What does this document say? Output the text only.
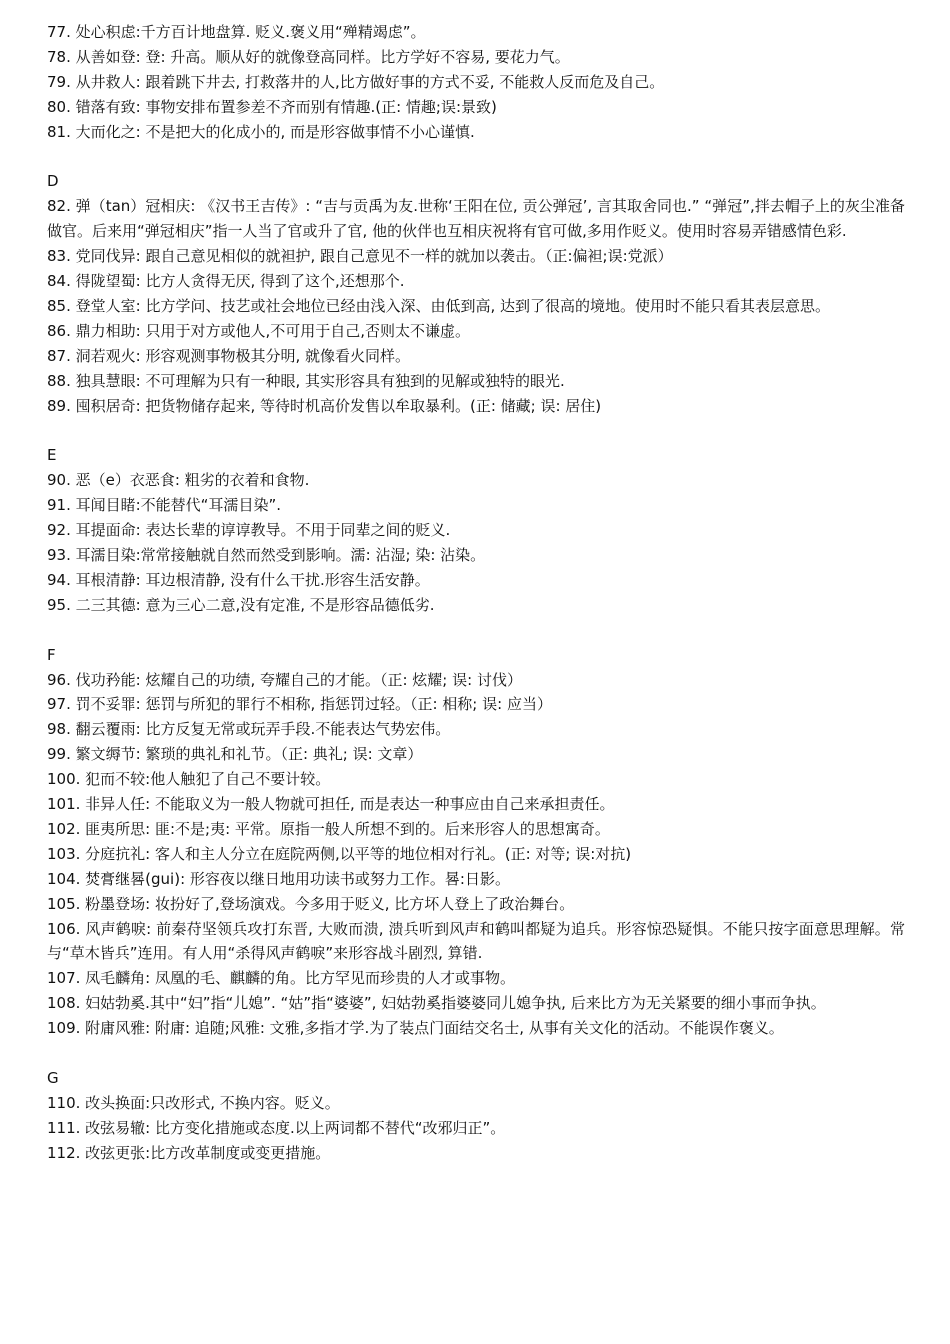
77. 处心积虑:千方百计地盘算. 贬义.褒义用“殚精竭虑”。
78. 从善如登: 登: 升高。顺从好的就像登高同样。比方学好不容易, 要花力气。
79. 从井救人: 跟着跳下井去, 打救落井的人,比方做好事的方式不妥, 不能救人反而危及自己。
80. 错落有致: 事物安排布置参差不齐而别有情趣.(正: 情趣;误:景致)
81. 大而化之: 不是把大的化成小的, 而是形容做事情不小心谨慎.
D
82. 弹（tan）冠相庆: 《汉书王吉传》: “吉与贡禹为友.世称‘王阳在位, 贡公弹冠’, 言其取舍同也.” “弹冠”,拌去帽子上的灰尘准备做官。后来用“弹冠相庆”指一人当了官或升了官, 他的伙伴也互相庆祝将有官可做,多用作贬义。使用时容易弄错感情色彩.
83. 党同伐异: 跟自己意见相似的就袒护, 跟自己意见不一样的就加以袭击。（正:偏袒;误:党派）
84. 得陇望蜀: 比方人贪得无厌, 得到了这个,还想那个.
85. 登堂人室: 比方学问、技艺或社会地位已经由浅入深、由低到高, 达到了很高的境地。使用时不能只看其表层意思。
86. 鼎力相助: 只用于对方或他人,不可用于自己,否则太不谦虚。
87. 洞若观火: 形容观测事物极其分明, 就像看火同样。
88. 独具慧眼: 不可理解为只有一种眼, 其实形容具有独到的见解或独特的眼光.
89. 囤积居奇: 把货物储存起来, 等待时机高价发售以牟取暴利。(正: 储藏; 误: 居住)
E
90. 恶（e）衣恶食: 粗劣的衣着和食物.
91. 耳闻目睹:不能替代“耳濡目染”.
92. 耳提面命: 表达长辈的谆谆教导。不用于同辈之间的贬义.
93. 耳濡目染:常常接触就自然而然受到影响。濡: 沾湿; 染: 沾染。
94. 耳根清静: 耳边根清静, 没有什么干扰.形容生活安静。
95. 二三其德: 意为三心二意,没有定准, 不是形容品德低劣.
F
96. 伐功矜能: 炫耀自己的功绩, 夸耀自己的才能。（正: 炫耀; 误: 讨伐）
97. 罚不妥罪: 惩罚与所犯的罪行不相称, 指惩罚过轻。（正: 相称; 误: 应当）
98. 翻云覆雨: 比方反复无常或玩弄手段.不能表达气势宏伟。
99. 繁文缛节: 繁琐的典礼和礼节。（正: 典礼; 误: 文章）
100. 犯而不较:他人触犯了自己不要计较。
101. 非异人任: 不能取义为一般人物就可担任, 而是表达一种事应由自己来承担责任。
102. 匪夷所思: 匪:不是;夷: 平常。原指一般人所想不到的。后来形容人的思想寓奇。
103. 分庭抗礼: 客人和主人分立在庭院两侧,以平等的地位相对行礼。(正: 对等; 误:对抗)
104. 焚膏继晷(gui): 形容夜以继日地用功读书或努力工作。晷:日影。
105. 粉墨登场: 妆扮好了,登场演戏。今多用于贬义, 比方坏人登上了政治舞台。
106. 风声鹤唳: 前秦苻坚领兵攻打东晋, 大败而溃, 溃兵听到风声和鹤叫都疑为追兵。形容惊恐疑惧。不能只按字面意思理解。常与“草木皆兵”连用。有人用“杀得风声鹤唳”来形容战斗剧烈, 算错.
107. 凤毛麟角: 凤凰的毛、麒麟的角。比方罕见而珍贵的人才或事物。
108. 妇姑勃奚.其中“妇”指“儿媳”. “姑”指“婆婆”, 妇姑勃奚指婆婆同儿媳争执, 后来比方为无关紧要的细小事而争执。
109. 附庸风雅: 附庸: 追随;风雅: 文雅,多指才学.为了装点门面结交名士, 从事有关文化的活动。不能误作褒义。
G
110. 改头换面:只改形式, 不换内容。贬义。
111. 改弦易辙: 比方变化措施或态度.以上两词都不替代“改邪归正”。
112. 改弦更张:比方改革制度或变更措施。
